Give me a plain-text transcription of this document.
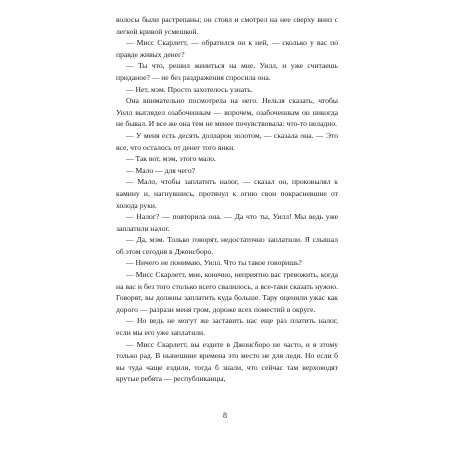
волосы были растрепаны; он стоял и смотрел на нее сверху вниз с легкой кривой усмешкой.

— Мисс Скарлетт, — обратился он к ней, — сколько у вас по правде живых денег?

— Ты что, решил жениться на мне, Уилл, и уже считаешь приданое? — не без раздражения спросила она.

— Нет, мэм. Просто захотелось узнать.

Она внимательно посмотрела на него. Нельзя сказать, чтобы Уилл выглядел озабоченным — впрочем, озабоченным он никогда не бывал. И все же она тем не менее почувствовала: что-то неладно.

— У меня есть десять долларов золотом, — сказала она. — Это все, что осталось от денег того янки.

— Так вот, мэм, этого мало.

— Мало — для чего?

— Мало, чтобы заплатить налог, — сказал он, проковылял к камину и, нагнувшись, протянул к огню свои покрасневшие от холода руки.

— Налог? — повторила она. — Да что ты, Уилл! Мы ведь уже заплатили налог.

— Да, мэм. Только говорят, недостаточно заплатили. Я слышал об этом сегодня в Джонсборо.

— Ничего не понимаю, Уилл. Что ты такое говоришь?

— Мисс Скарлетт, мне, конечно, неприятно вас тревожить, когда на вас и без того столько всего свалилось, а все-таки сказать нужно. Говорят, вы должны заплатить куда больше. Тару оценили ужас как дорого — разрази меня гром, дороже всех поместий в округе.

— Но ведь не могут же заставить нас еще раз платить налог, если мы его уже заплатили.

— Мисс Скарлетт, вы ездите в Джонсборо не часто, и я этому только рад. В нынешние времена это место не для леди. Но если б вы туда чаще ездили, тогда б знали, что сейчас там верховодят крутые ребята — республиканцы,

8
